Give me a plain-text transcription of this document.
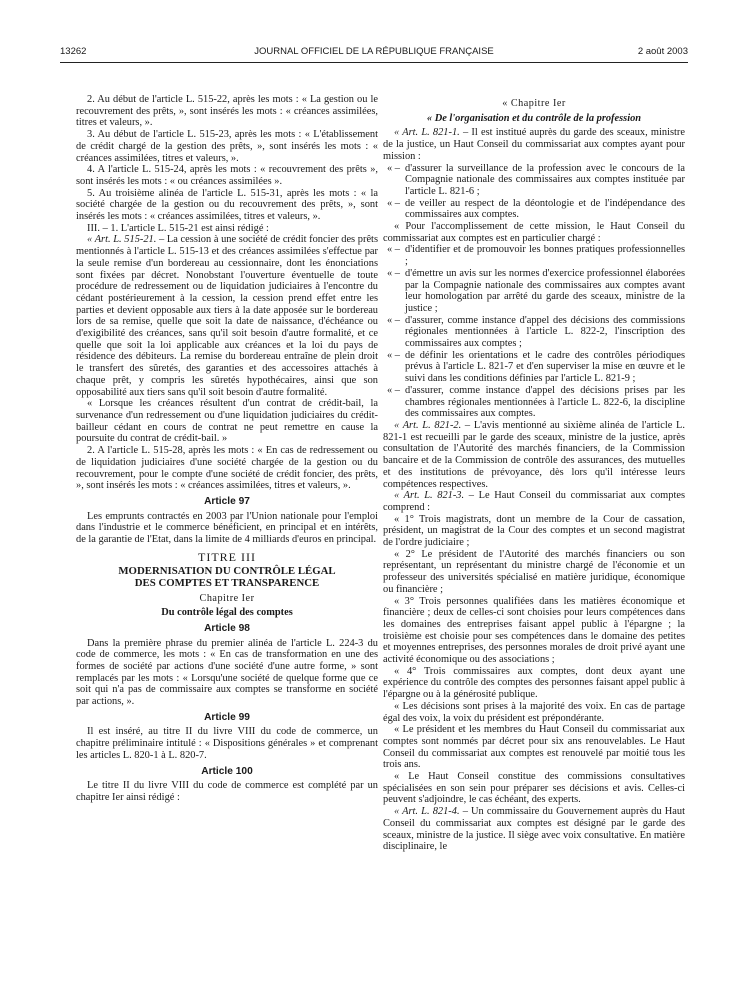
13262	JOURNAL OFFICIEL DE LA RÉPUBLIQUE FRANÇAISE	2 août 2003

2. Au début de l'article L. 515-22, après les mots : « La gestion ou le recouvrement des prêts, », sont insérés les mots : « créances assimilées, titres et valeurs, ».

3. Au début de l'article L. 515-23, après les mots : « L'établissement de crédit chargé de la gestion des prêts, », sont insérés les mots : « créances assimilées, titres et valeurs, ».

4. A l'article L. 515-24, après les mots : « recouvrement des prêts », sont insérés les mots : « ou créances assimilées ».

5. Au troisième alinéa de l'article L. 515-31, après les mots : « la société chargée de la gestion ou du recouvrement des prêts, », sont insérés les mots : « créances assimilées, titres et valeurs, ».

III. – 1. L'article L. 515-21 est ainsi rédigé :

« Art. L. 515-21. – La cession à une société de crédit foncier des prêts mentionnés à l'article L. 515-13 et des créances assimilées s'effectue par la seule remise d'un bordereau au cessionnaire, dont les énonciations sont fixées par décret. Nonobstant l'ouverture éventuelle de toute procédure de redressement ou de liquidation judiciaires à l'encontre du cédant postérieurement à la cession, la cession prend effet entre les parties et devient opposable aux tiers à la date apposée sur le bordereau lors de sa remise, quelle que soit la date de naissance, d'échéance ou d'exigibilité des créances, sans qu'il soit besoin d'autre formalité, et ce quelle que soit la loi applicable aux créances et la loi du pays de résidence des débiteurs. La remise du bordereau entraîne de plein droit le transfert des sûretés, des garanties et des accessoires attachés à chaque prêt, y compris les sûretés hypothécaires, ainsi que son opposabilité aux tiers sans qu'il soit besoin d'autre formalité.

« Lorsque les créances résultent d'un contrat de crédit-bail, la survenance d'un redressement ou d'une liquidation judiciaires du crédit-bailleur cédant en cours de contrat ne peut remettre en cause la poursuite du contrat de crédit-bail. »

2. A l'article L. 515-28, après les mots : « En cas de redressement ou de liquidation judiciaires d'une société chargée de la gestion ou du recouvrement, pour le compte d'une société de crédit foncier, des prêts, », sont insérés les mots : « créances assimilées, titres et valeurs, ».

Article 97

Les emprunts contractés en 2003 par l'Union nationale pour l'emploi dans l'industrie et le commerce bénéficient, en principal et en intérêts, de la garantie de l'Etat, dans la limite de 4 milliards d'euros en principal.

TITRE III
MODERNISATION DU CONTRÔLE LÉGAL
DES COMPTES ET TRANSPARENCE
Chapitre Ier
Du contrôle légal des comptes
Article 98

Dans la première phrase du premier alinéa de l'article L. 224-3 du code de commerce, les mots : « En cas de transformation en une des formes de société par actions d'une société d'une autre forme, » sont remplacés par les mots : « Lorsqu'une société de quelque forme que ce soit qui n'a pas de commissaire aux comptes se transforme en société par actions, ».

Article 99

Il est inséré, au titre II du livre VIII du code de commerce, un chapitre préliminaire intitulé : « Dispositions générales » et comprenant les articles L. 820-1 à L. 820-7.

Article 100

Le titre II du livre VIII du code de commerce est complété par un chapitre Ier ainsi rédigé :

« Chapitre Ier
« De l'organisation et du contrôle de la profession

« Art. L. 821-1. – Il est institué auprès du garde des sceaux, ministre de la justice, un Haut Conseil du commissariat aux comptes ayant pour mission :

« – d'assurer la surveillance de la profession avec le concours de la Compagnie nationale des commissaires aux comptes instituée par l'article L. 821-6 ;

« – de veiller au respect de la déontologie et de l'indépendance des commissaires aux comptes.

« Pour l'accomplissement de cette mission, le Haut Conseil du commissariat aux comptes est en particulier chargé :

« – d'identifier et de promouvoir les bonnes pratiques professionnelles ;

« – d'émettre un avis sur les normes d'exercice professionnel élaborées par la Compagnie nationale des commissaires aux comptes avant leur homologation par arrêté du garde des sceaux, ministre de la justice ;

« – d'assurer, comme instance d'appel des décisions des commissions régionales mentionnées à l'article L. 822-2, l'inscription des commissaires aux comptes ;

« – de définir les orientations et le cadre des contrôles périodiques prévus à l'article L. 821-7 et d'en superviser la mise en œuvre et le suivi dans les conditions définies par l'article L. 821-9 ;

« – d'assurer, comme instance d'appel des décisions prises par les chambres régionales mentionnées à l'article L. 822-6, la discipline des commissaires aux comptes.

« Art. L. 821-2. – L'avis mentionné au sixième alinéa de l'article L. 821-1 est recueilli par le garde des sceaux, ministre de la justice, après consultation de l'Autorité des marchés financiers, de la Commission bancaire et de la Commission de contrôle des assurances, des mutuelles et des institutions de prévoyance, dès lors qu'il intéresse leurs compétences respectives.

« Art. L. 821-3. – Le Haut Conseil du commissariat aux comptes comprend :

« 1° Trois magistrats, dont un membre de la Cour de cassation, président, un magistrat de la Cour des comptes et un second magistrat de l'ordre judiciaire ;

« 2° Le président de l'Autorité des marchés financiers ou son représentant, un représentant du ministre chargé de l'économie et un professeur des universités spécialisé en matière juridique, économique ou financière ;

« 3° Trois personnes qualifiées dans les matières économique et financière ; deux de celles-ci sont choisies pour leurs compétences dans les domaines des entreprises faisant appel public à l'épargne ; la troisième est choisie pour ses compétences dans le domaine des petites et moyennes entreprises, des personnes morales de droit privé ayant une activité économique ou des associations ;

« 4° Trois commissaires aux comptes, dont deux ayant une expérience du contrôle des comptes des personnes faisant appel public à l'épargne ou à la générosité publique.

« Les décisions sont prises à la majorité des voix. En cas de partage égal des voix, la voix du président est prépondérante.

« Le président et les membres du Haut Conseil du commissariat aux comptes sont nommés par décret pour six ans renouvelables. Le Haut Conseil du commissariat aux comptes est renouvelé par moitié tous les trois ans.

« Le Haut Conseil constitue des commissions consultatives spécialisées en son sein pour préparer ses décisions et avis. Celles-ci peuvent s'adjoindre, le cas échéant, des experts.

« Art. L. 821-4. – Un commissaire du Gouvernement auprès du Haut Conseil du commissariat aux comptes est désigné par le garde des sceaux, ministre de la justice. Il siège avec voix consultative. En matière disciplinaire, le
